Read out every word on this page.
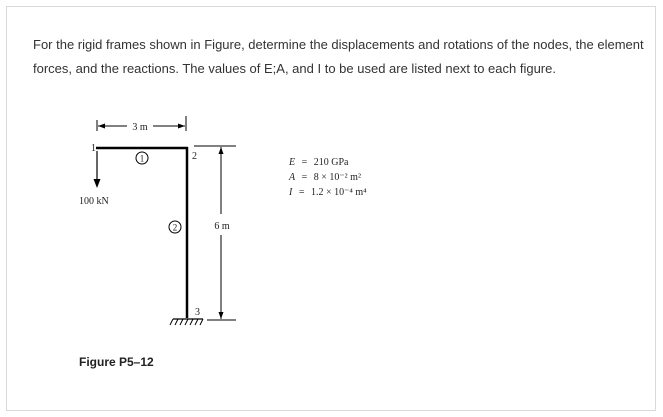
For the rigid frames shown in Figure, determine the displacements and rotations of the nodes, the element forces, and the reactions. The values of E;A, and I to be used are listed next to each figure.

3 m
1
100 kN
1
2
2
3
6 m
E = 210 GPa
A = 8 × 10⁻² m²
I = 1.2 × 10⁻⁴ m⁴
Figure P5–12
